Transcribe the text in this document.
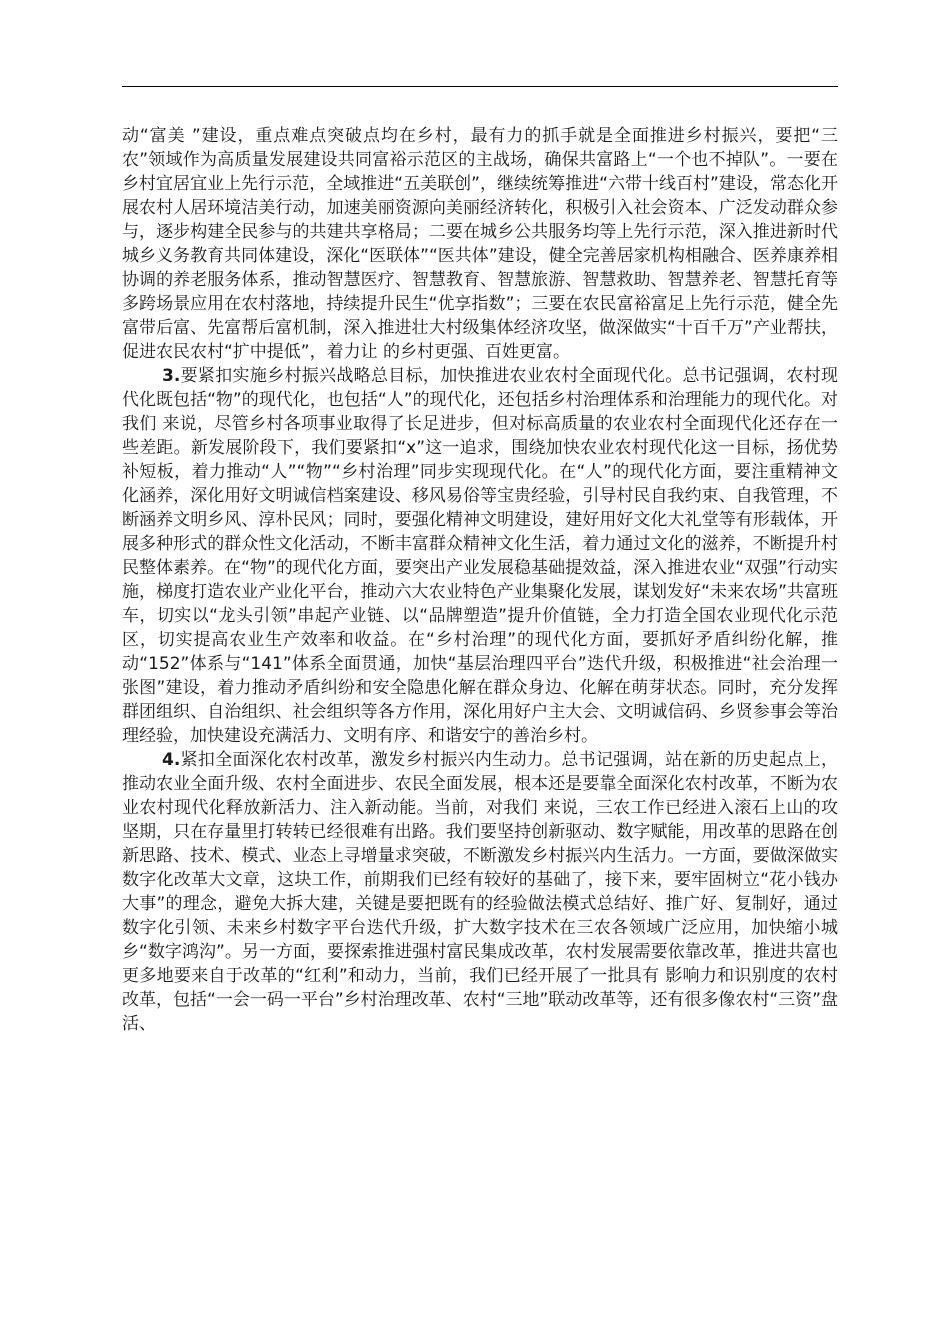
动“富美 ”建设，重点难点突破点均在乡村，最有力的抓手就是全面推进乡村振兴，要把“三农”领域作为高质量发展建设共同富裕示范区的主战场，确保共富路上“一个也不掉队”。一要在乡村宜居宜业上先行示范，全域推进“五美联创”，继续统筹推进“六带十线百村”建设，常态化开展农村人居环境洁美行动，加速美丽资源向美丽经济转化，积极引入社会资本、广泛发动群众参与，逐步构建全民参与的共建共享格局；二要在城乡公共服务均等上先行示范，深入推进新时代城乡义务教育共同体建设，深化“医联体”“医共体”建设，健全完善居家机构相融合、医养康养相协调的养老服务体系，推动智慧医疗、智慧教育、智慧旅游、智慧救助、智慧养老、智慧托育等多跨场景应用在农村落地，持续提升民生“优享指数”；三要在农民富裕富足上先行示范，健全先富带后富、先富帮后富机制，深入推进壮大村级集体经济攻坚，做深做实“十百千万”产业帮扶，促进农民农村“扩中提低”，着力让 的乡村更强、百姓更富。

3.要紧扣实施乡村振兴战略总目标，加快推进农业农村全面现代化。总书记强调，农村现代化既包括“物”的现代化，也包括“人”的现代化，还包括乡村治理体系和治理能力的现代化。对我们 来说，尽管乡村各项事业取得了长足进步，但对标高质量的农业农村全面现代化还存在一些差距。新发展阶段下，我们要紧扣“x”这一追求，围绕加快农业农村现代化这一目标，扬优势补短板，着力推动“人”“物”“乡村治理”同步实现现代化。在“人”的现代化方面，要注重精神文化涵养，深化用好文明诚信档案建设、移风易俗等宝贵经验，引导村民自我约束、自我管理，不断涵养文明乡风、淳朴民风；同时，要强化精神文明建设，建好用好文化大礼堂等有形载体，开展多种形式的群众性文化活动，不断丰富群众精神文化生活，着力通过文化的滋养，不断提升村民整体素养。在“物”的现代化方面，要突出产业发展稳基础提效益，深入推进农业“双强”行动实施，梯度打造农业产业化平台，推动六大农业特色产业集聚化发展，谋划发好“未来农场”共富班车，切实以“龙头引领”串起产业链、以“品牌塑造”提升价值链，全力打造全国农业现代化示范区，切实提高农业生产效率和收益。在“乡村治理”的现代化方面，要抓好矛盾纠纷化解，推动“152”体系与“141”体系全面贯通，加快“基层治理四平台”迭代升级，积极推进“社会治理一张图”建设，着力推动矛盾纠纷和安全隐患化解在群众身边、化解在萌芽状态。同时，充分发挥群团组织、自治组织、社会组织等各方作用，深化用好户主大会、文明诚信码、乡贤参事会等治理经验，加快建设充满活力、文明有序、和谐安宁的善治乡村。

4.紧扣全面深化农村改革，激发乡村振兴内生动力。总书记强调，站在新的历史起点上，推动农业全面升级、农村全面进步、农民全面发展，根本还是要靠全面深化农村改革，不断为农业农村现代化释放新活力、注入新动能。当前，对我们 来说，三农工作已经进入滚石上山的攻坚期，只在存量里打转转已经很难有出路。我们要坚持创新驱动、数字赋能，用改革的思路在创新思路、技术、模式、业态上寻增量求突破，不断激发乡村振兴内生活力。一方面，要做深做实数字化改革大文章，这块工作，前期我们已经有较好的基础了，接下来，要牢固树立“花小钱办大事”的理念，避免大拆大建，关键是要把既有的经验做法模式总结好、推广好、复制好，通过数字化引领、未来乡村数字平台迭代升级，扩大数字技术在三农各领域广泛应用，加快缩小城乡“数字鸿沟”。另一方面，要探索推进强村富民集成改革，农村发展需要依靠改革，推进共富也更多地要来自于改革的“红利”和动力，当前，我们已经开展了一批具有 影响力和识别度的农村改革，包括“一会一码一平台”乡村治理改革、农村“三地”联动改革等，还有很多像农村“三资”盘活、
